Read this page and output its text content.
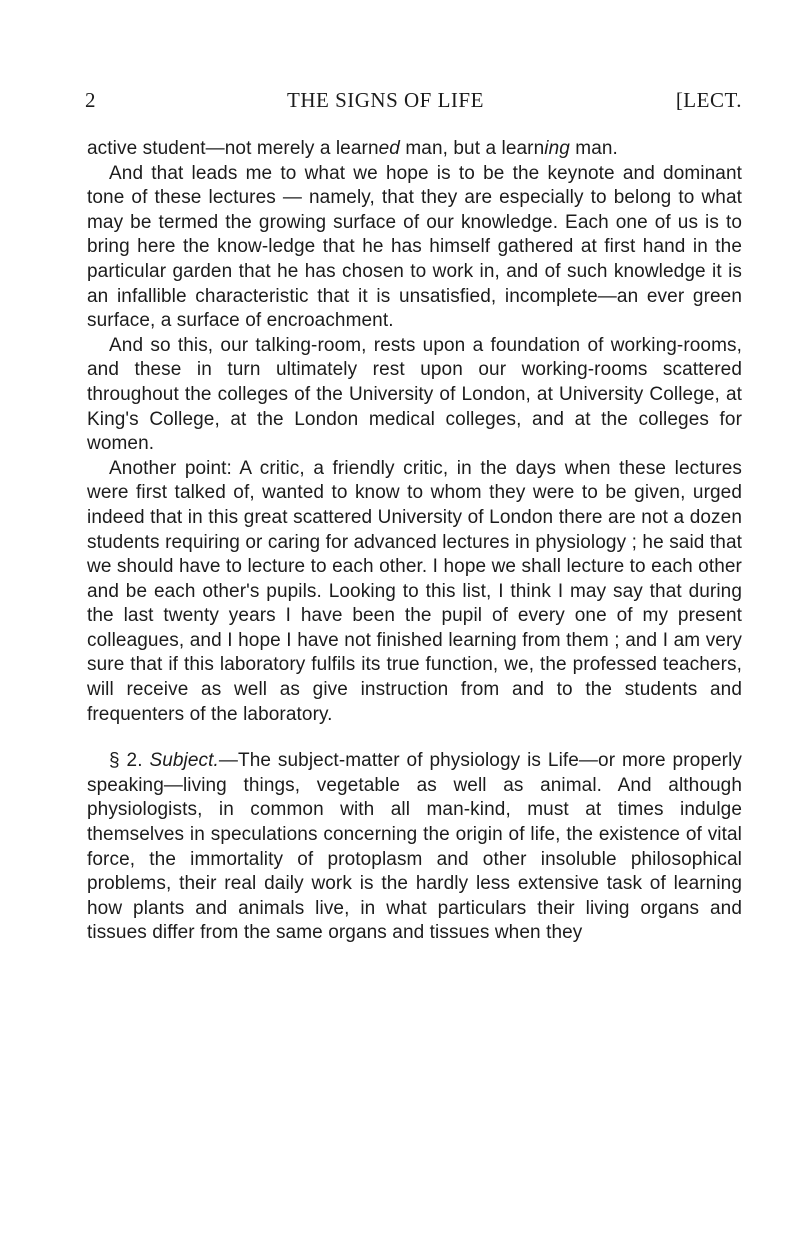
2	THE SIGNS OF LIFE	[LECT.

active student—not merely a learned man, but a learning man.

And that leads me to what we hope is to be the keynote and dominant tone of these lectures — namely, that they are especially to belong to what may be termed the growing surface of our knowledge. Each one of us is to bring here the know-ledge that he has himself gathered at first hand in the particular garden that he has chosen to work in, and of such knowledge it is an infallible characteristic that it is unsatisfied, incomplete—an ever green surface, a surface of encroachment.

And so this, our talking-room, rests upon a foundation of working-rooms, and these in turn ultimately rest upon our working-rooms scattered throughout the colleges of the University of London, at University College, at King's College, at the London medical colleges, and at the colleges for women.

Another point: A critic, a friendly critic, in the days when these lectures were first talked of, wanted to know to whom they were to be given, urged indeed that in this great scattered University of London there are not a dozen students requiring or caring for advanced lectures in physiology ; he said that we should have to lecture to each other. I hope we shall lecture to each other and be each other's pupils. Looking to this list, I think I may say that during the last twenty years I have been the pupil of every one of my present colleagues, and I hope I have not finished learning from them ; and I am very sure that if this laboratory fulfils its true function, we, the professed teachers, will receive as well as give instruction from and to the students and frequenters of the laboratory.

§ 2. Subject.—The subject-matter of physiology is Life—or more properly speaking—living things, vegetable as well as animal. And although physiologists, in common with all man-kind, must at times indulge themselves in speculations concerning the origin of life, the existence of vital force, the immortality of protoplasm and other insoluble philosophical problems, their real daily work is the hardly less extensive task of learning how plants and animals live, in what particulars their living organs and tissues differ from the same organs and tissues when they
